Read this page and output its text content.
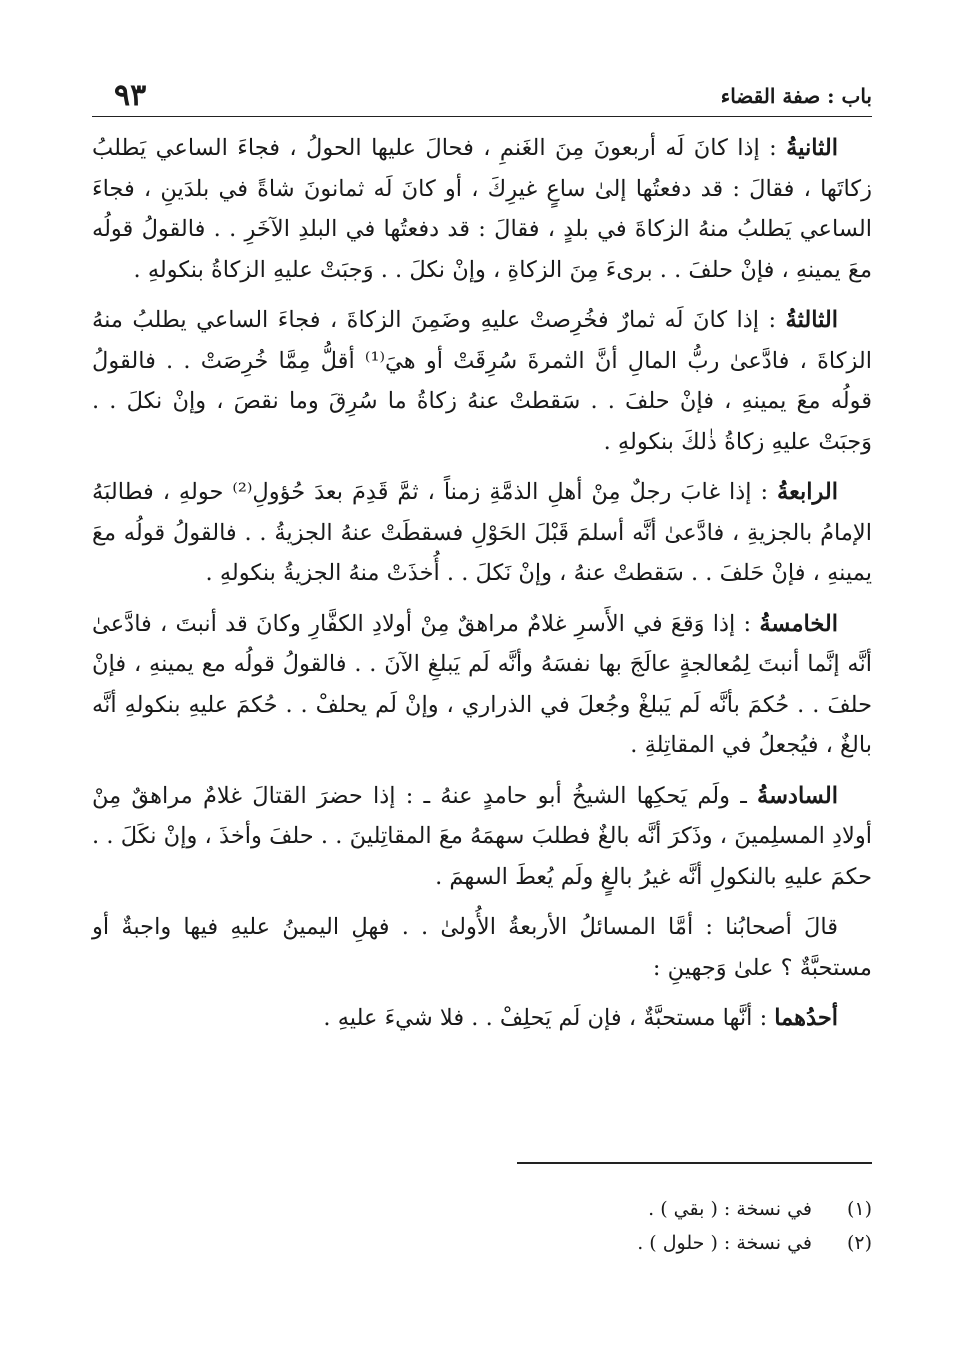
باب : صفة القضاء
٩٣

الثانيةُ : إذا كانَ لَه أربعونَ مِنَ الغَنمِ ، فحالَ عليها الحولُ ، فجاءَ الساعي يَطلبُ زكاتَها ، فقالَ : قد دفعتُها إلىٰ ساعٍ غيرِكَ ، أو كانَ لَه ثمانونَ شاةً في بلدَينِ ، فجاءَ الساعي يَطلبُ منهُ الزكاةَ في بلدٍ ، فقالَ : قد دفعتُها في البلدِ الآخَرِ . . فالقولُ قولُه معَ يمينهِ ، فإنْ حلفَ . . برىءَ مِنَ الزكاةِ ، وإنْ نكلَ . . وَجبَتْ عليهِ الزكاةُ بنكولهِ .

الثالثةُ : إذا كانَ لَه ثمارٌ فخُرِصتْ عليهِ وضَمِنَ الزكاةَ ، فجاءَ الساعي يطلبُ منهُ الزكاةَ ، فادَّعىٰ ربُّ المالِ أنَّ الثمرةَ سُرِقَتْ أو هيَ⁽¹⁾ أقلُّ مِمَّا خُرِصَتْ . . فالقولُ قولُه معَ يمينهِ ، فإنْ حلفَ . . سَقطتْ عنهُ زكاةُ ما سُرِقَ وما نقصَ ، وإنْ نكلَ . . وَجبَتْ عليهِ زكاةُ ذٰلكَ بنكولهِ .

الرابعةُ : إذا غابَ رجلٌ مِنْ أهلِ الذمَّةِ زمناً ، ثمَّ قَدِمَ بعدَ حُؤولِ⁽²⁾ حولهِ ، فطالبَهُ الإمامُ بالجزيةِ ، فادَّعىٰ أنَّه أسلمَ قَبْلَ الحَوْلِ فسقطَتْ عنهُ الجزيةُ . . فالقولُ قولُه معَ يمينهِ ، فإنْ حَلفَ . . سَقطتْ عنهُ ، وإنْ نَكلَ . . أُخذَتْ منهُ الجزيةُ بنكولهِ .

الخامسةُ : إذا وَقعَ في الأَسرِ غلامٌ مراهقٌ مِنْ أولادِ الكفَّارِ وكانَ قد أنبتَ ، فادَّعىٰ أنَّه إنَّما أنبتَ لِمُعالجةٍ عالَجَ بها نفسَهُ وأنَّه لَم يَبلغِ الآنَ . . فالقولُ قولُه مع يمينهِ ، فإنْ حلفَ . . حُكمَ بأنَّه لَم يَبلغْ وجُعلَ في الذراري ، وإنْ لَم يحلفْ . . حُكمَ عليهِ بنكولهِ أنَّه بالغٌ ، فيُجعلُ في المقاتِلةِ .

السادسةُ ـ ولَم يَحكِها الشيخُ أبو حامدٍ عنهُ ـ : إذا حضرَ القتالَ غلامٌ مراهقٌ مِنْ أولادِ المسلِمينَ ، وذَكرَ أنَّه بالغٌ فطلبَ سهمَهُ معَ المقاتِلينَ . . حلفَ وأخذَ ، وإنْ نكَلَ . . حكمَ عليهِ بالنكولِ أنَّه غيرُ بالغٍ ولَم يُعطَ السهمَ .

قالَ أصحابُنا : أمَّا المسائلُ الأربعةُ الأُولىٰ . . فهلِ اليمينُ عليهِ فيها واجبةٌ أو مستحبَّةٌ ؟ علىٰ وَجهينِ :

أحدُهما : أنَّها مستحبَّةٌ ، فإن لَم يَحلِفْ . . فلا شيءَ عليهِ .

(١)في نسخة : ( بقي ) .

(٢)في نسخة : ( حلول ) .
